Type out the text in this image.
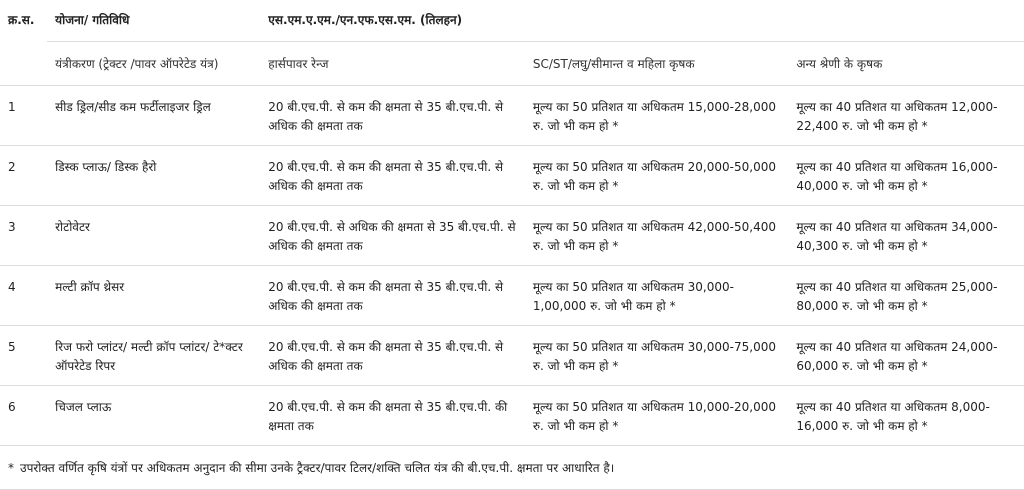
क्र.स.	योजना/ गतिविधि	एस.एम.ए.एम./एन.एफ.एस.एम. (तिलहन)		
	यंत्रीकरण (ट्रेक्टर /पावर ऑपरेटेड यंत्र)	हार्सपावर रेन्ज	SC/ST/लघु/सीमान्त व महिला कृषक	अन्य श्रेणी के कृषक
1	सीड ड्रिल/सीड कम फर्टीलाइजर ड्रिल	20 बी.एच.पी. से कम की क्षमता से 35 बी.एच.पी. से अधिक की क्षमता तक	मूल्य का 50 प्रतिशत या अधिकतम 15,000-28,000 रु. जो भी कम हो *	मूल्य का 40 प्रतिशत या अधिकतम 12,000-22,400 रु. जो भी कम हो *
2	डिस्क प्लाऊ/ डिस्क हैरो	20 बी.एच.पी. से कम की क्षमता से 35 बी.एच.पी. से अधिक की क्षमता तक	मूल्य का 50 प्रतिशत या अधिकतम 20,000-50,000 रु. जो भी कम हो *	मूल्य का 40 प्रतिशत या अधिकतम 16,000-40,000 रु. जो भी कम हो *
3	रोटोवेटर	20 बी.एच.पी. से अधिक की क्षमता से 35 बी.एच.पी. से अधिक की क्षमता तक	मूल्य का 50 प्रतिशत या अधिकतम 42,000-50,400 रु. जो भी कम हो *	मूल्य का 40 प्रतिशत या अधिकतम 34,000-40,300 रु. जो भी कम हो *
4	मल्टी क्रॉप थ्रेसर	20 बी.एच.पी. से कम की क्षमता से 35 बी.एच.पी. से अधिक की क्षमता तक	मूल्य का 50 प्रतिशत या अधिकतम 30,000-1,00,000 रु. जो भी कम हो *	मूल्य का 40 प्रतिशत या अधिकतम 25,000-80,000 रु. जो भी कम हो *
5	रिज फरो प्लांटर/ मल्टी क्रॉप प्लांटर/ टे*क्टर ऑपरेटेड रिपर	20 बी.एच.पी. से कम की क्षमता से 35 बी.एच.पी. से अधिक की क्षमता तक	मूल्य का 50 प्रतिशत या अधिकतम 30,000-75,000 रु. जो भी कम हो *	मूल्य का 40 प्रतिशत या अधिकतम 24,000-60,000 रु. जो भी कम हो *
6	चिजल प्लाऊ	20 बी.एच.पी. से कम की क्षमता से 35 बी.एच.पी. की क्षमता तक	मूल्य का 50 प्रतिशत या अधिकतम 10,000-20,000 रु. जो भी कम हो *	मूल्य का 40 प्रतिशत या अधिकतम 8,000-16,000 रु. जो भी कम हो *
* उपरोक्त वर्णित कृषि यंत्रों पर अधिकतम अनुदान की सीमा उनके ट्रैक्टर/पावर टिलर/शक्ति चलित यंत्र की बी.एच.पी. क्षमता पर आधारित है।				
